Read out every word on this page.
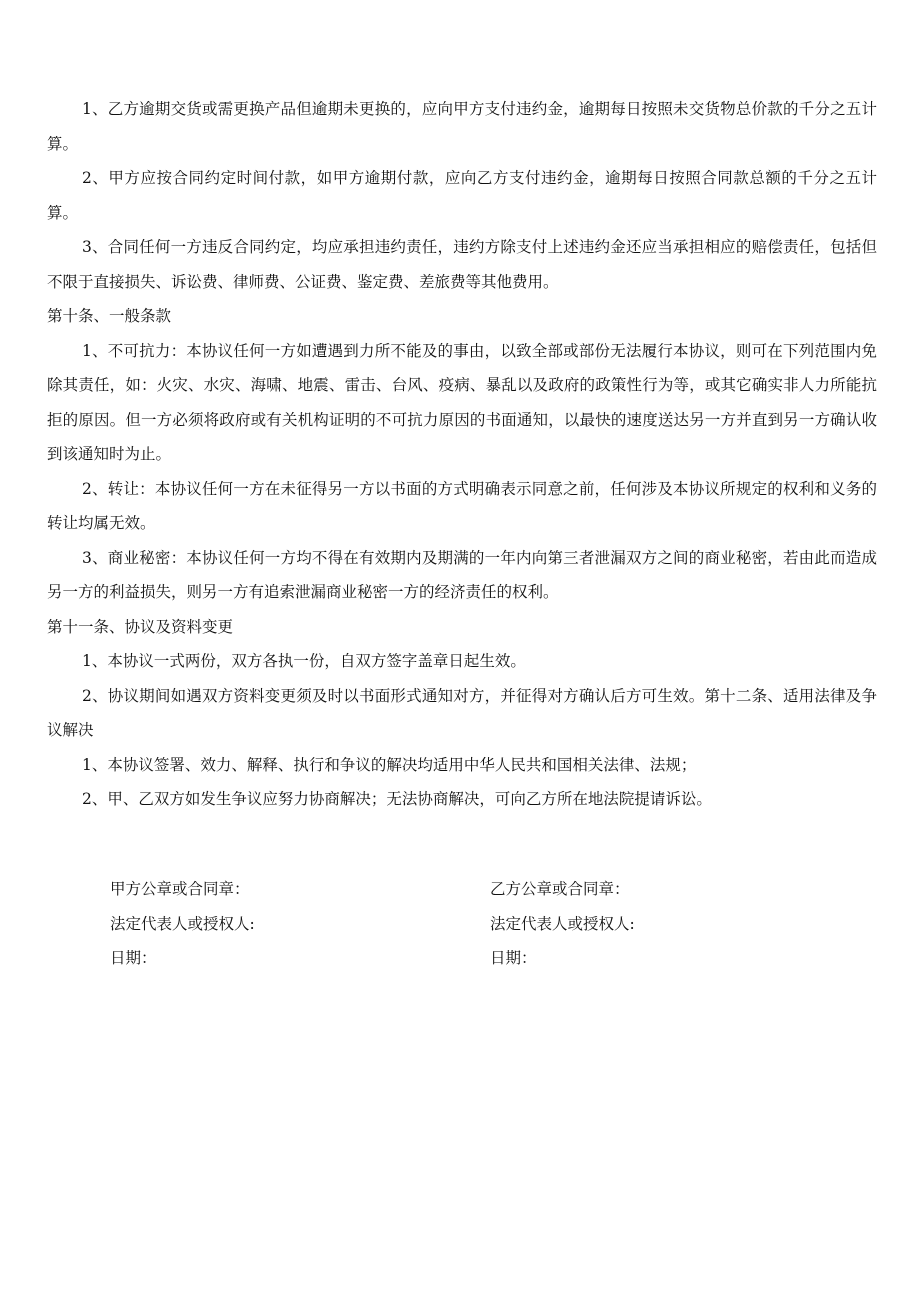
1、乙方逾期交货或需更换产品但逾期未更换的，应向甲方支付违约金，逾期每日按照未交货物总价款的千分之五计算。

2、甲方应按合同约定时间付款，如甲方逾期付款，应向乙方支付违约金，逾期每日按照合同款总额的千分之五计算。

3、合同任何一方违反合同约定，均应承担违约责任，违约方除支付上述违约金还应当承担相应的赔偿责任，包括但不限于直接损失、诉讼费、律师费、公证费、鉴定费、差旅费等其他费用。

第十条、一般条款

1、不可抗力：本协议任何一方如遭遇到力所不能及的事由，以致全部或部份无法履行本协议，则可在下列范围内免除其责任，如：火灾、水灾、海啸、地震、雷击、台风、疫病、暴乱以及政府的政策性行为等，或其它确实非人力所能抗拒的原因。但一方必须将政府或有关机构证明的不可抗力原因的书面通知，以最快的速度送达另一方并直到另一方确认收到该通知时为止。

2、转让：本协议任何一方在未征得另一方以书面的方式明确表示同意之前，任何涉及本协议所规定的权利和义务的转让均属无效。

3、商业秘密：本协议任何一方均不得在有效期内及期满的一年内向第三者泄漏双方之间的商业秘密，若由此而造成另一方的利益损失，则另一方有追索泄漏商业秘密一方的经济责任的权利。

第十一条、协议及资料变更

1、本协议一式两份，双方各执一份，自双方签字盖章日起生效。

2、协议期间如遇双方资料变更须及时以书面形式通知对方，并征得对方确认后方可生效。第十二条、适用法律及争议解决

1、本协议签署、效力、解释、执行和争议的解决均适用中华人民共和国相关法律、法规；

2、甲、乙双方如发生争议应努力协商解决；无法协商解决，可向乙方所在地法院提请诉讼。

甲方公章或合同章：

法定代表人或授权人:

日期：

乙方公章或合同章：

法定代表人或授权人:

日期：
